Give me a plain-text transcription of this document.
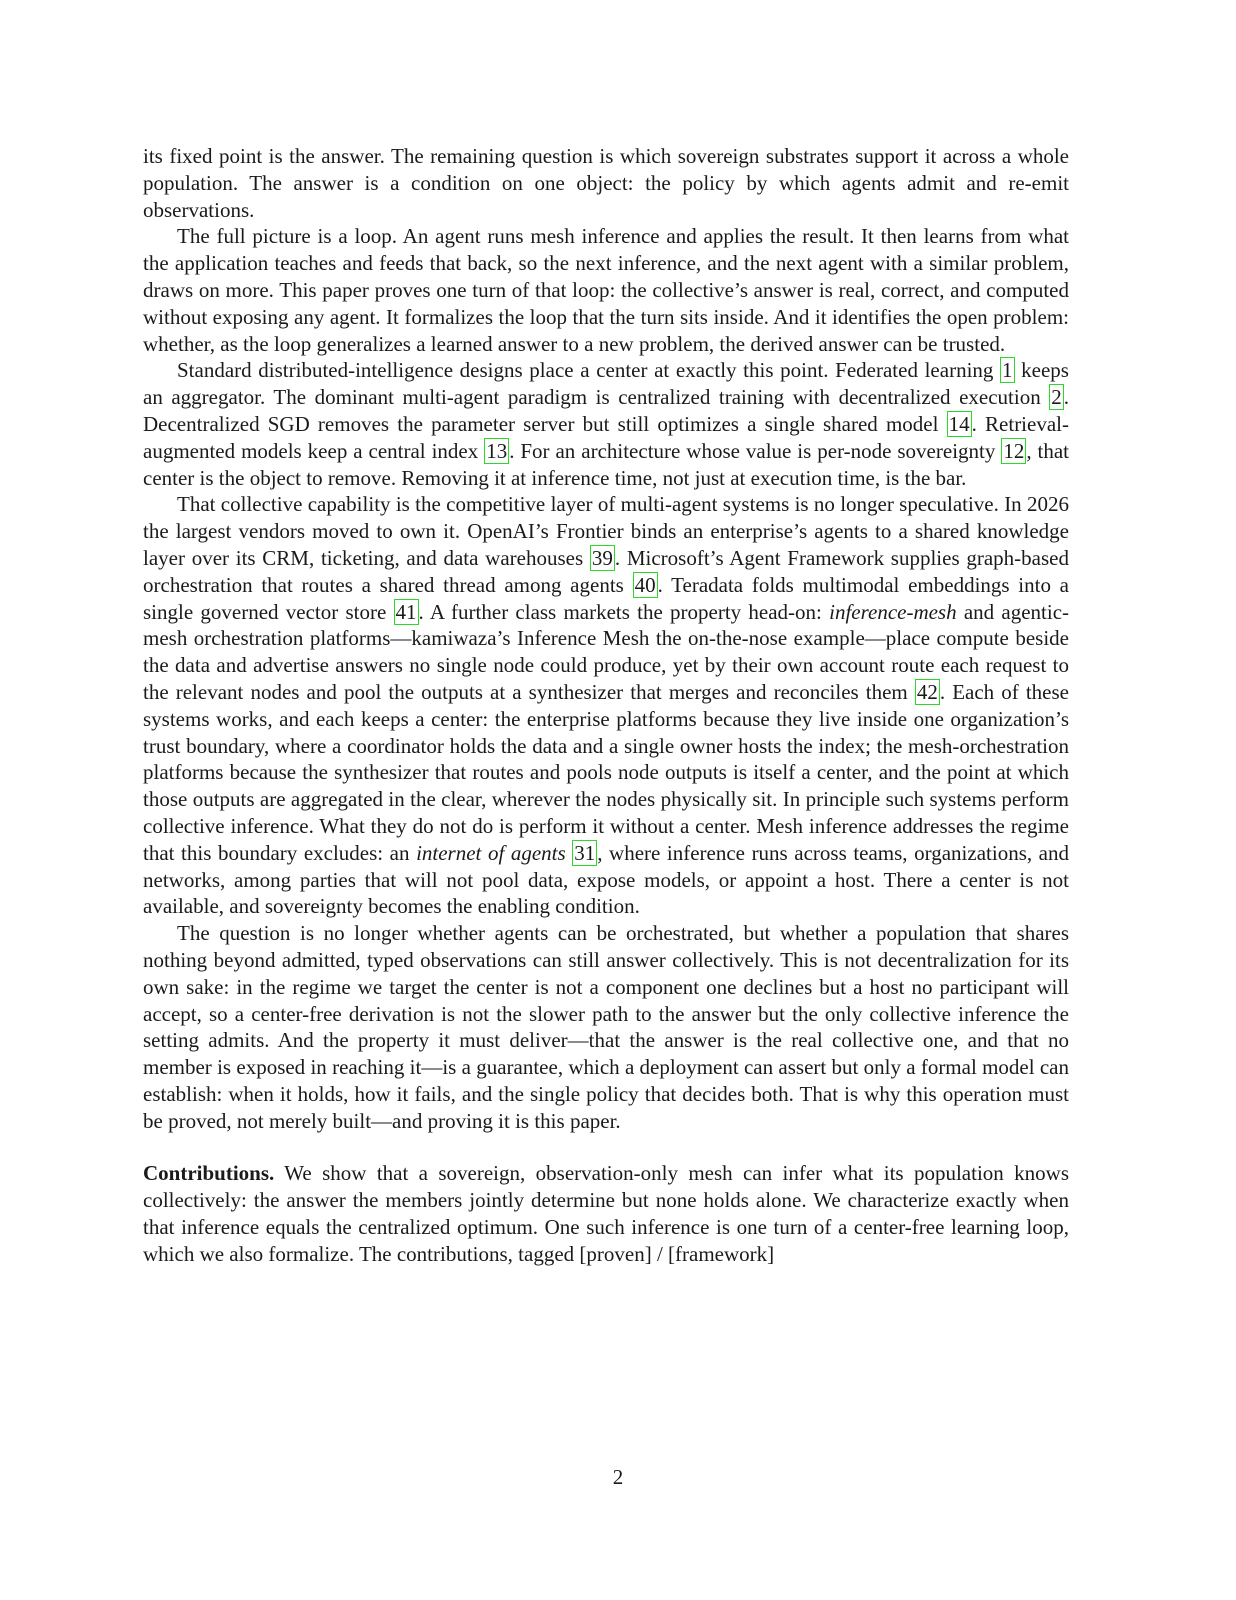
its fixed point is the answer. The remaining question is which sovereign substrates support it across a whole population. The answer is a condition on one object: the policy by which agents admit and re-emit observations.

The full picture is a loop. An agent runs mesh inference and applies the result. It then learns from what the application teaches and feeds that back, so the next inference, and the next agent with a similar problem, draws on more. This paper proves one turn of that loop: the collective’s answer is real, correct, and computed without exposing any agent. It formalizes the loop that the turn sits inside. And it identifies the open problem: whether, as the loop generalizes a learned answer to a new problem, the derived answer can be trusted.

Standard distributed-intelligence designs place a center at exactly this point. Federated learning 1 keeps an aggregator. The dominant multi-agent paradigm is centralized training with decentralized execution 2. Decentralized SGD removes the parameter server but still optimizes a single shared model 14. Retrieval-augmented models keep a central index 13. For an architecture whose value is per-node sovereignty 12, that center is the object to remove. Removing it at inference time, not just at execution time, is the bar.

That collective capability is the competitive layer of multi-agent systems is no longer speculative. In 2026 the largest vendors moved to own it. OpenAI’s Frontier binds an enterprise’s agents to a shared knowledge layer over its CRM, ticketing, and data warehouses 39. Microsoft’s Agent Framework supplies graph-based orchestration that routes a shared thread among agents 40. Teradata folds multimodal embeddings into a single governed vector store 41. A further class markets the property head-on: inference-mesh and agentic-mesh orchestration platforms—kamiwaza’s Inference Mesh the on-the-nose example—place compute beside the data and advertise answers no single node could produce, yet by their own account route each request to the relevant nodes and pool the outputs at a synthesizer that merges and reconciles them 42. Each of these systems works, and each keeps a center: the enterprise platforms because they live inside one organization’s trust boundary, where a coordinator holds the data and a single owner hosts the index; the mesh-orchestration platforms because the synthesizer that routes and pools node outputs is itself a center, and the point at which those outputs are aggregated in the clear, wherever the nodes physically sit. In principle such systems perform collective inference. What they do not do is perform it without a center. Mesh inference addresses the regime that this boundary excludes: an internet of agents 31, where inference runs across teams, organizations, and networks, among parties that will not pool data, expose models, or appoint a host. There a center is not available, and sovereignty becomes the enabling condition.

The question is no longer whether agents can be orchestrated, but whether a population that shares nothing beyond admitted, typed observations can still answer collectively. This is not decentralization for its own sake: in the regime we target the center is not a component one declines but a host no participant will accept, so a center-free derivation is not the slower path to the answer but the only collective inference the setting admits. And the property it must deliver—that the answer is the real collective one, and that no member is exposed in reaching it—is a guarantee, which a deployment can assert but only a formal model can establish: when it holds, how it fails, and the single policy that decides both. That is why this operation must be proved, not merely built—and proving it is this paper.

Contributions. We show that a sovereign, observation-only mesh can infer what its population knows collectively: the answer the members jointly determine but none holds alone. We characterize exactly when that inference equals the centralized optimum. One such inference is one turn of a center-free learning loop, which we also formalize. The contributions, tagged [proven] / [framework]

2
